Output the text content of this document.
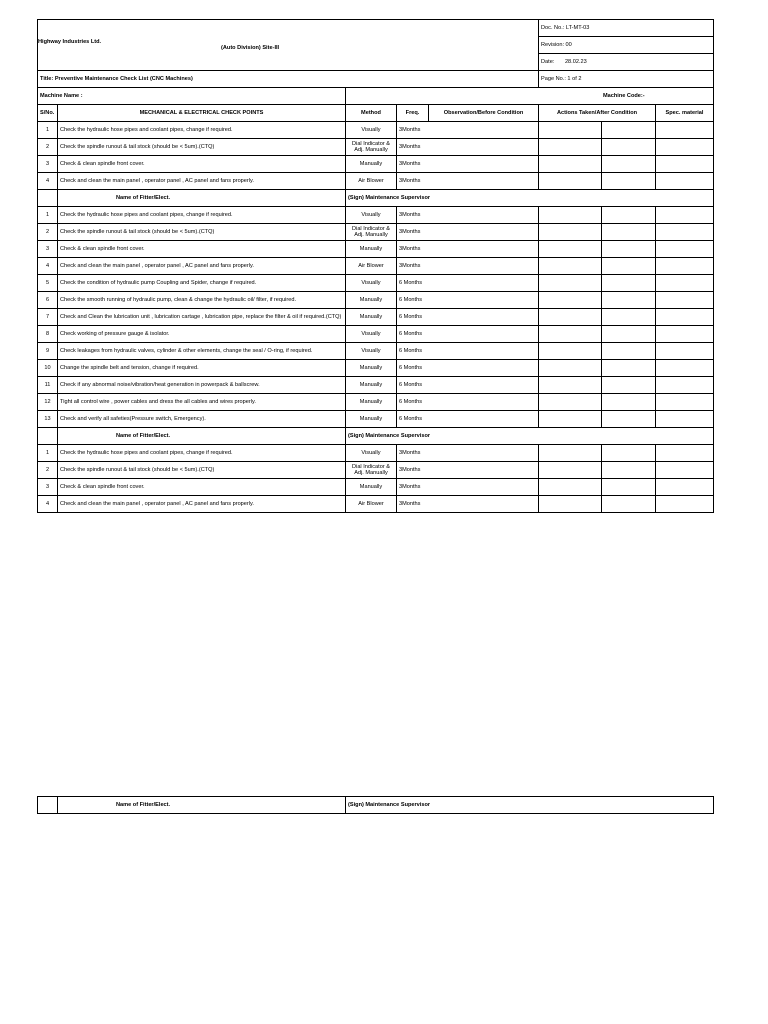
Highway Industries Ltd.
(Auto Division) Site-III					Doc. No.: LT-MT-03		
					Revision: 00		
					Date: 28.02.23		
Title: Preventive Maintenance Check List (CNC Machines)					Page No.: 1 of 2		
Machine Name :		Machine Code:-					
S/No.	MECHANICAL & ELECTRICAL CHECK POINTS	Method	Freq.	Observation/Before Condition	Actions Taken/After Condition		Spec. material
1	Check the hydraulic hose pipes and coolant pipes, change if required.	Visually	3Months				
2	Check the spindle runout & tail stock (should be < 5um).(CTQ)	Dial Indicator & Adj. Manually	3Months				
3	Check & clean spindle front cover.	Manually	3Months				
4	Check and clean the main panel , operator panel , AC panel and fans properly.	Air Blower	3Months				
	Name of Fitter/Elect.	(Sign) Maintenance Supervisor					
1	Check the hydraulic hose pipes and coolant pipes, change if required.	Visually	3Months				
2	Check the spindle runout & tail stock (should be < 5um).(CTQ)	Dial Indicator & Adj. Manually	3Months				
3	Check & clean spindle front cover.	Manually	3Months				
4	Check and clean the main panel , operator panel , AC panel and fans properly.	Air Blower	3Months				
5	Check the condition of hydraulic pump Coupling and Spider, change if required.	Visually	6 Months				
6	Check the smooth running of hydraulic pump, clean & change the hydraulic oil/ filter, if required.	Manually	6 Months				
7	Check and Clean the lubrication unit , lubrication cartage , lubrication pipe, replace the filter & oil if required.(CTQ)	Manually	6 Months				
8	Check working of pressure gauge & isolator.	Visually	6 Months				
9	Check leakages from hydraulic valves, cylinder & other elements, change the seal / O-ring, if required.	Visually	6 Months				
10	Change the spindle belt and tension, change if required.	Manually	6 Months				
11	Check if any abnormal noise/vibration/heat generation in powerpack & ballscrew.	Manually	6 Months				
12	Tight all control wire , power cables and dress the all cables and wires properly.	Manually	6 Months				
13	Check and verify all safeties(Pressure switch, Emergency).	Manually	6 Months				
	Name of Fitter/Elect.	(Sign) Maintenance Supervisor					
1	Check the hydraulic hose pipes and coolant pipes, change if required.	Visually	3Months				
2	Check the spindle runout & tail stock (should be < 5um).(CTQ)	Dial Indicator & Adj. Manually	3Months				
3	Check & clean spindle front cover.	Manually	3Months				
4	Check and clean the main panel , operator panel , AC panel and fans properly.	Air Blower	3Months				
	Name of Fitter/Elect.	(Sign) Maintenance Supervisor
